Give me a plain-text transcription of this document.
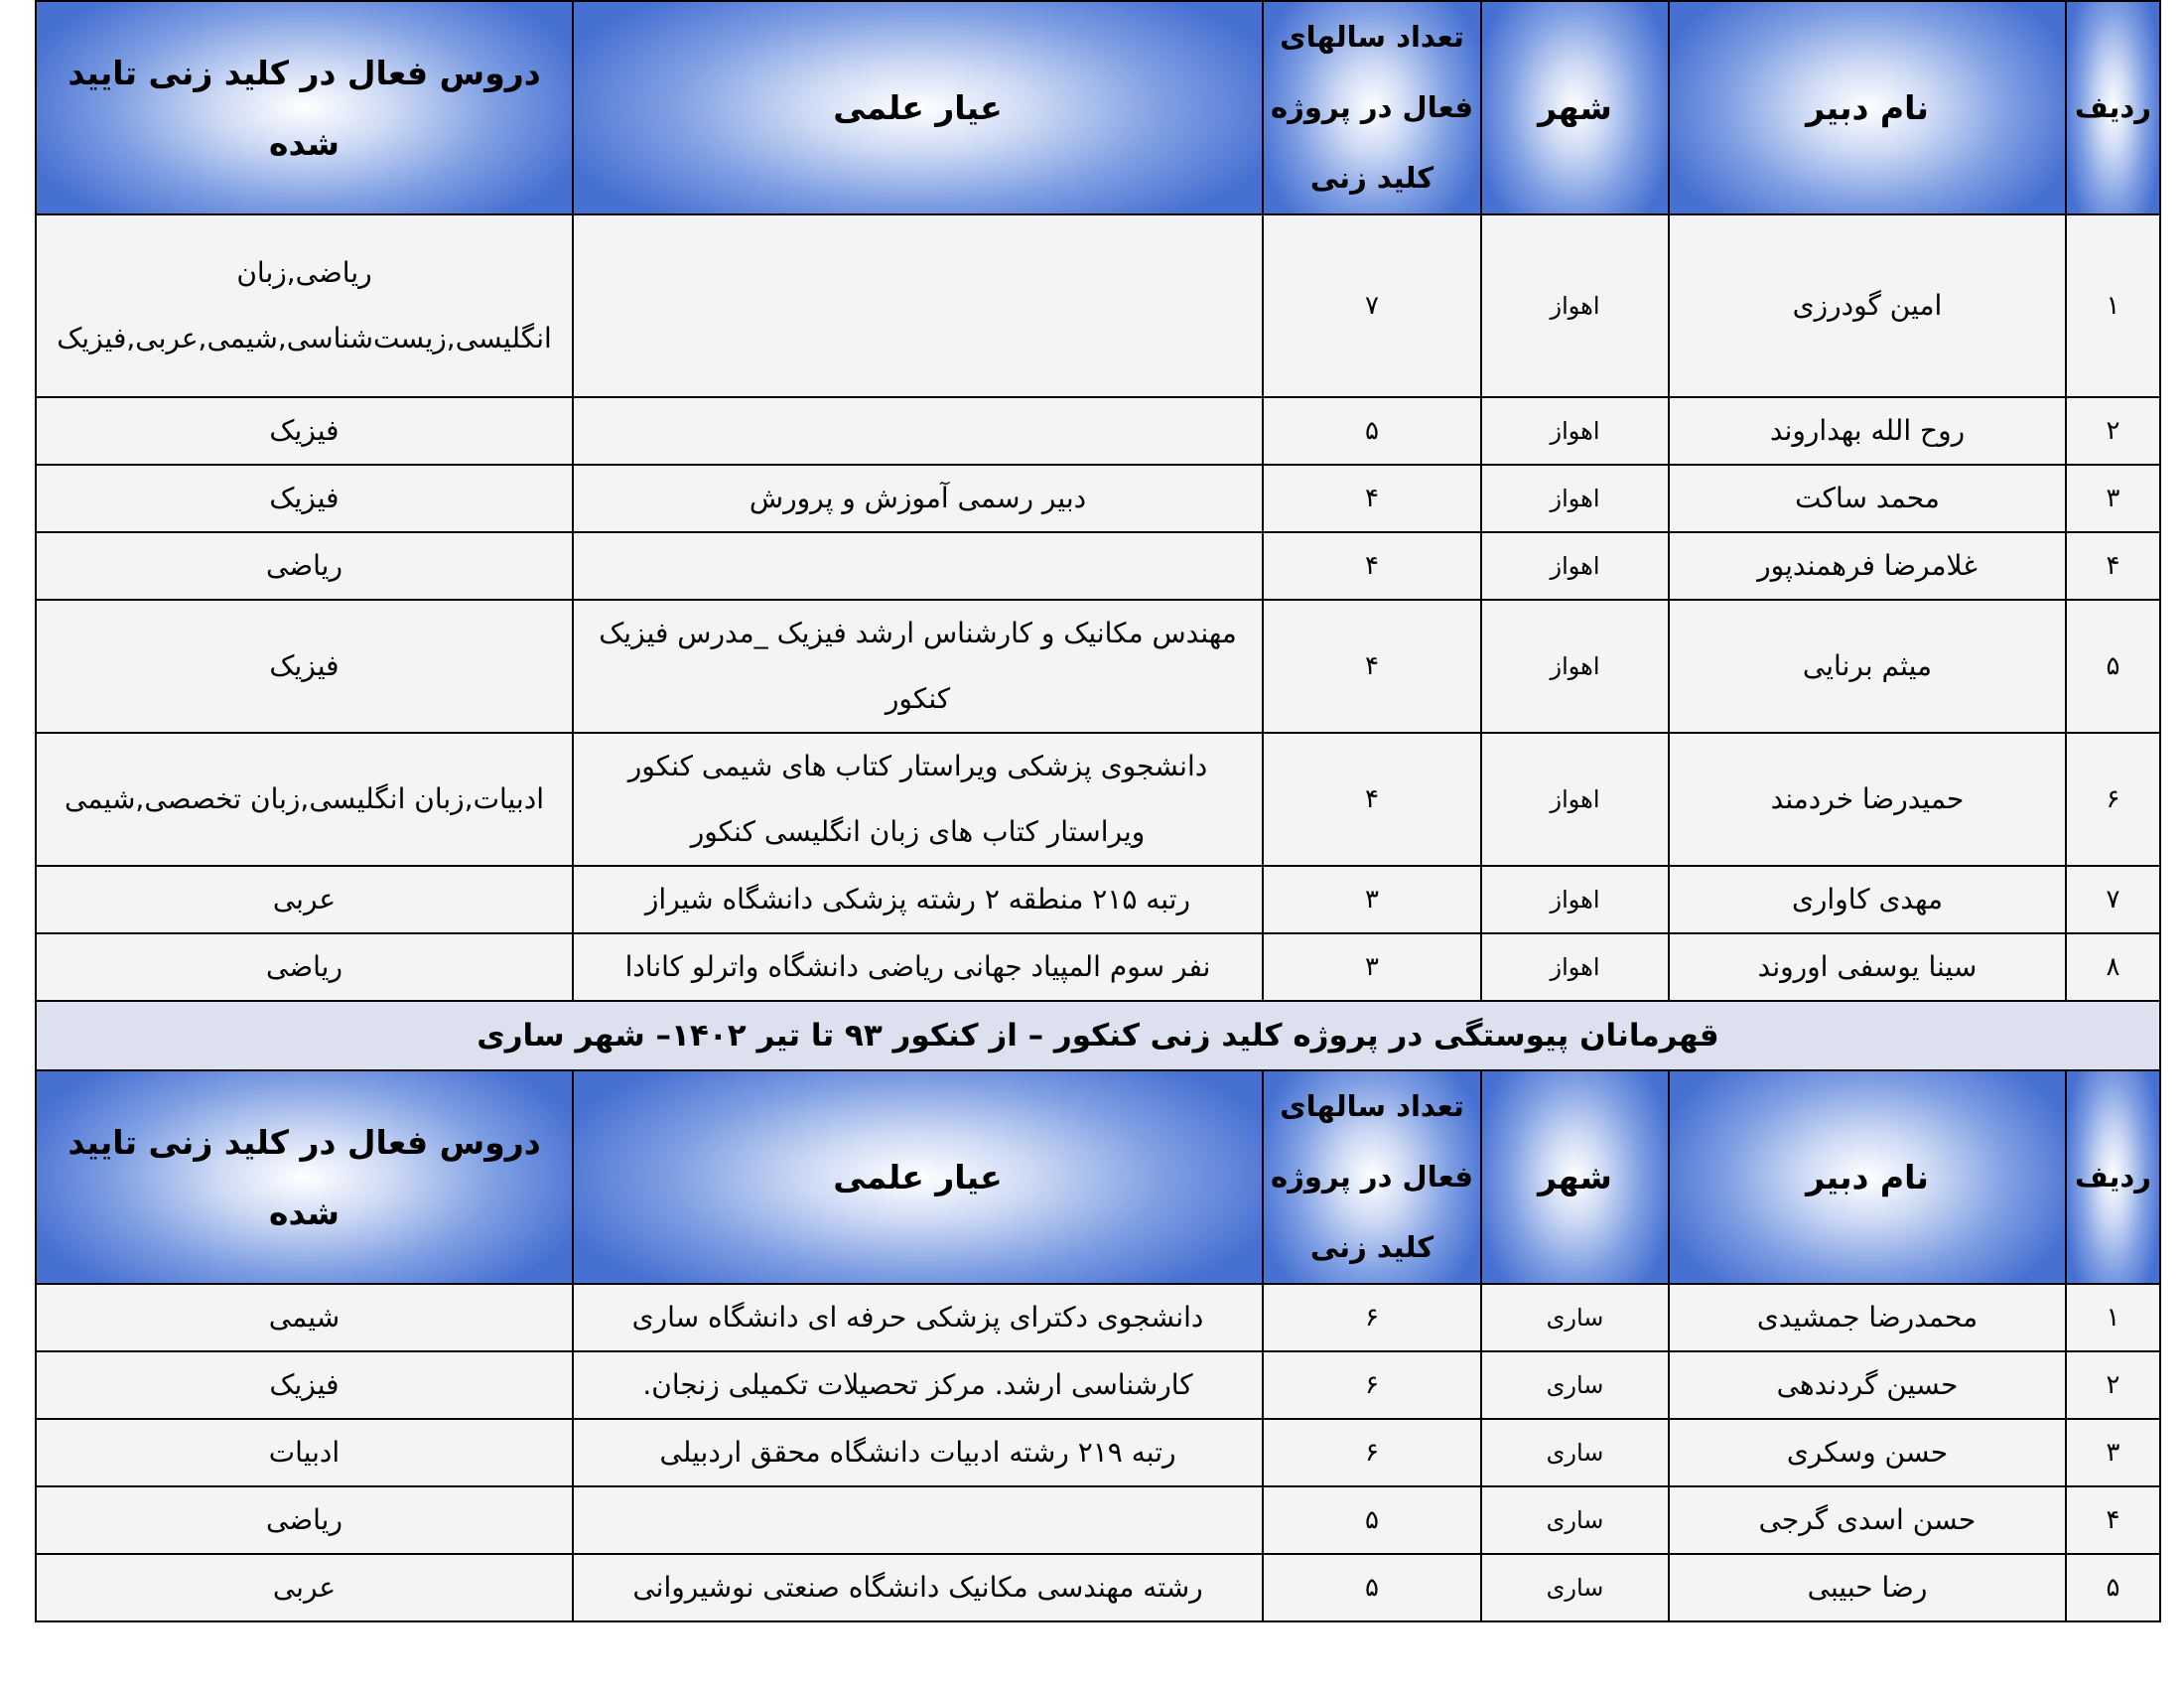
ردیف	نام دبیر	شهر	تعداد سالهای فعال در پروژه کلید زنی	عیار علمی	دروس فعال در کلید زنی تایید شده
۱	امین گودرزی	اهواز	۷		ریاضی,زبان انگلیسی,زیست‌شناسی,شیمی,عربی,فیزیک
۲	روح الله بهداروند	اهواز	۵		فیزیک
۳	محمد ساکت	اهواز	۴	دبیر رسمی آموزش و پرورش	فیزیک
۴	غلامرضا فرهمندپور	اهواز	۴		ریاضی
۵	میثم برنایی	اهواز	۴	مهندس مکانیک و کارشناس ارشد فیزیک _مدرس فیزیک کنکور	فیزیک
۶	حمیدرضا خردمند	اهواز	۴	دانشجوی پزشکی ویراستار کتاب های شیمی کنکور ویراستار کتاب های زبان انگلیسی کنکور	ادبیات,زبان انگلیسی,زبان تخصصی,شیمی
۷	مهدی کاواری	اهواز	۳	رتبه ۲۱۵ منطقه ۲ رشته پزشکی دانشگاه شیراز	عربی
۸	سینا یوسفی اوروند	اهواز	۳	نفر سوم المپیاد جهانی ریاضی دانشگاه واترلو کانادا	ریاضی
قهرمانان پیوستگی در پروژه کلید زنی کنکور – از کنکور ۹۳ تا تیر ۱۴۰۲– شهر ساری					
ردیف	نام دبیر	شهر	تعداد سالهای فعال در پروژه کلید زنی	عیار علمی	دروس فعال در کلید زنی تایید شده
۱	محمدرضا جمشیدی	ساری	۶	دانشجوی دکترای پزشکی حرفه ای دانشگاه ساری	شیمی
۲	حسین گردندهی	ساری	۶	کارشناسی ارشد. مرکز تحصیلات تکمیلی زنجان.	فیزیک
۳	حسن وسکری	ساری	۶	رتبه ۲۱۹ رشته ادبیات دانشگاه محقق اردبیلی	ادبیات
۴	حسن اسدی گرجی	ساری	۵		ریاضی
۵	رضا حبیبی	ساری	۵	رشته مهندسی مکانیک دانشگاه صنعتی نوشیروانی	عربی
